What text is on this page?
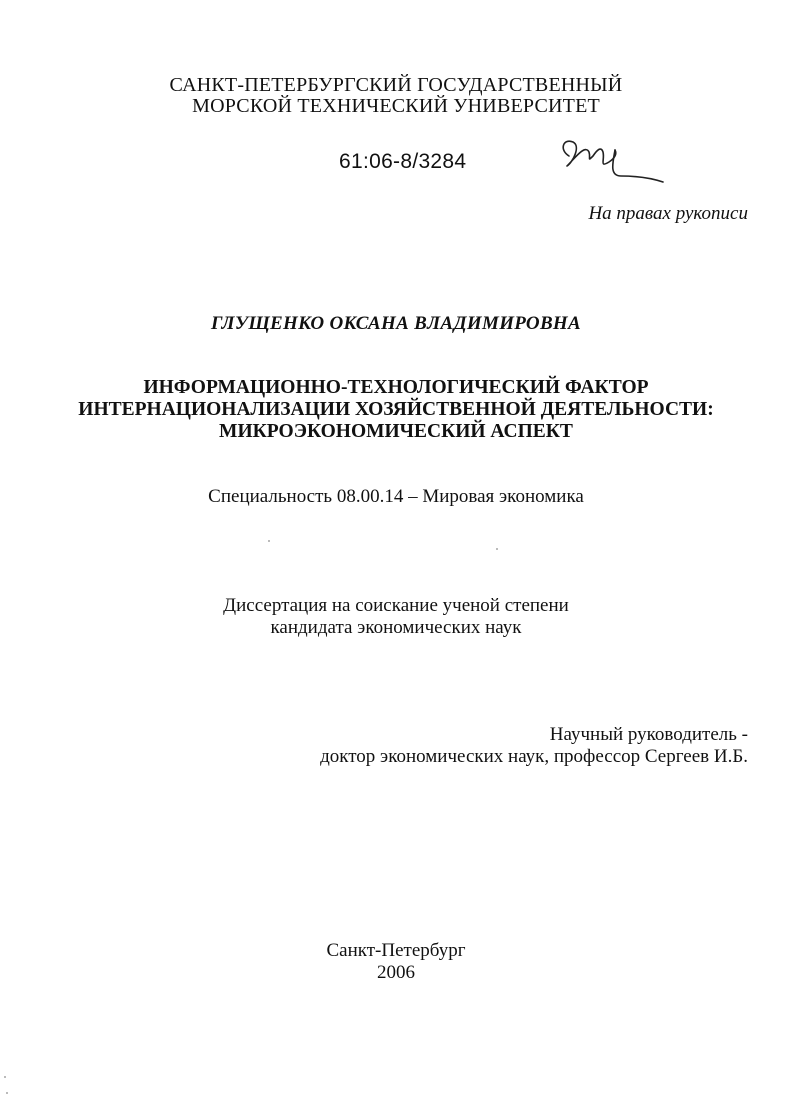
САНКТ-ПЕТЕРБУРГСКИЙ ГОСУДАРСТВЕННЫЙ
МОРСКОЙ ТЕХНИЧЕСКИЙ УНИВЕРСИТЕТ
61:06-8/3284
На правах рукописи
ГЛУЩЕНКО ОКСАНА ВЛАДИМИРОВНА
ИНФОРМАЦИОННО-ТЕХНОЛОГИЧЕСКИЙ ФАКТОР
ИНТЕРНАЦИОНАЛИЗАЦИИ ХОЗЯЙСТВЕННОЙ ДЕЯТЕЛЬНОСТИ:
МИКРОЭКОНОМИЧЕСКИЙ АСПЕКТ
Специальность 08.00.14 – Мировая экономика
Диссертация на соискание ученой степени
кандидата экономических наук
Научный руководитель -
доктор экономических наук, профессор Сергеев И.Б.
Санкт-Петербург
2006
